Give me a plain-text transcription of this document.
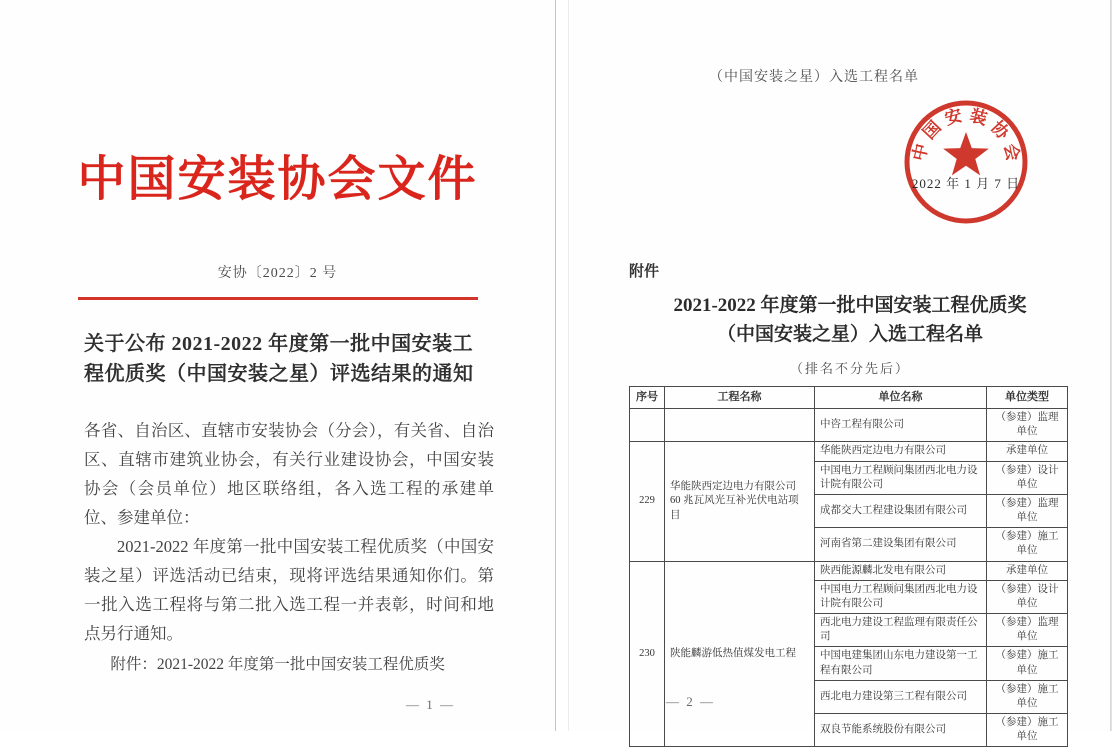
中国安装协会文件
安协〔2022〕2 号
关于公布 2021-2022 年度第一批中国安装工
程优质奖（中国安装之星）评选结果的通知

各省、自治区、直辖市安装协会（分会），有关省、自治区、直辖市建筑业协会，有关行业建设协会，中国安装协会（会员单位）地区联络组，各入选工程的承建单位、参建单位：

2021-2022 年度第一批中国安装工程优质奖（中国安装之星）评选活动已结束，现将评选结果通知你们。第一批入选工程将与第二批入选工程一并表彰，时间和地点另行通知。

附件：2021-2022 年度第一批中国安装工程优质奖
— 1 —
（中国安装之星）入选工程名单
中
国
安 装
协
会
2022 年 1 月 7 日
附件
2021-2022 年度第一批中国安装工程优质奖
（中国安装之星）入选工程名单
（排名不分先后）
序号	工程名称	单位名称	单位类型
		中咨工程有限公司	（参建）监理单位
229	华能陕西定边电力有限公司 60 兆瓦风光互补光伏电站项目	华能陕西定边电力有限公司	承建单位
		中国电力工程顾问集团西北电力设计院有限公司	（参建）设计单位
		成都交大工程建设集团有限公司	（参建）监理单位
		河南省第二建设集团有限公司	（参建）施工单位
230	陕能麟游低热值煤发电工程	陕西能源麟北发电有限公司	承建单位
		中国电力工程顾问集团西北电力设计院有限公司	（参建）设计单位
		西北电力建设工程监理有限责任公司	（参建）监理单位
		中国电建集团山东电力建设第一工程有限公司	（参建）施工单位
		西北电力建设第三工程有限公司	（参建）施工单位
		双良节能系统股份有限公司	（参建）施工单位
— 2 —
